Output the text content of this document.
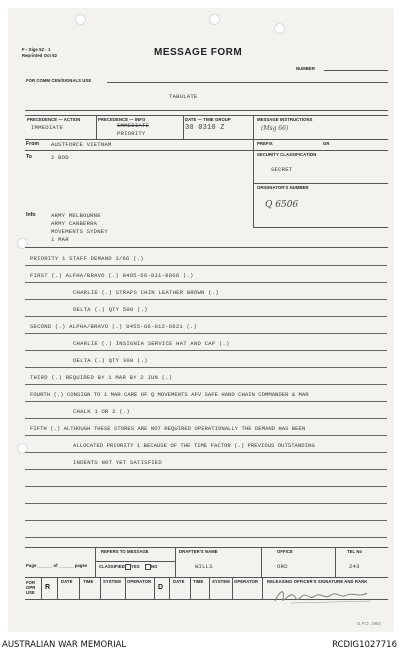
F - Sigs 52 - 1
Reprinted Oct 62	MESSAGE FORM
NUMBER
FOR COMM CEN/SIGNALS USE
TABULATE
PRECEDENCE — ACTION
IMMEDIATE
PRECEDENCE — INFO
IMMEDIATE
PRIORITY
DATE — TIME GROUP
30 0310 Z
MESSAGE INSTRUCTIONS
(Msg 66)
PREFIX	GR
SECURITY CLASSIFICATION
SECRET
ORIGINATOR'S NUMBER
Q 6506
From AUSTFORCE VIETNAM
To	2 BOD
Info	ARMY MELBOURNE
ARMY CANBERRA
MOVEMENTS SYDNEY
1 MAR
PRIORITY 1 STAFF DEMAND 3/66 (.)
FIRST (.) ALFHA/BRAVO (.) 8405-66-011-8866 (.)
CHARLIE (.) STRAPS CHIN LEATHER BROWN (.)
DELTA (.) QTY 500 (.)
SECOND (.) ALPHA/BRAVO (.) 8455-66-012-6621 (.)
CHARLIE (.) INSIGNIA SERVICE HAT AND CAP (.)
DELTA (.) QTY 300 (.)
THIRD (.) REQUIRED BY 1 MAR BY 2 JUN (.)
FOURTH (.) CONSIGN TO 1 MAR CARE OF Q MOVEMENTS AFV SAFE HAND CHAIN COMMANDER & MAR
CHALK 1 OR 2 (.)
FIFTH (.) ALTHOUGH THESE STORES ARE NOT REQUIRED OPERATIONALLY THE DEMAND HAS BEEN
ALLOCATED PRIORITY 1 BECAUSE OF THE TIME FACTOR (.) PREVIOUS OUTSTANDING
INDENTS NOT YET SATISFIED
Page ______ of ______ pages
REFERS TO MESSAGE
CLASSIFIED YES	NO
DRAFTER'S NAME
WILLS
OFFICE
ORD
TEL No
243
FOR OPR USE
R
DATE	TIME SYSTEM OPERATOR
D
DATE TIME SYSTEM OPERATOR RELEASING OFFICER'S SIGNATURE AND RANK
G.P.O. 1963
AUSTRALIAN WAR MEMORIAL	RCDIG1027716
